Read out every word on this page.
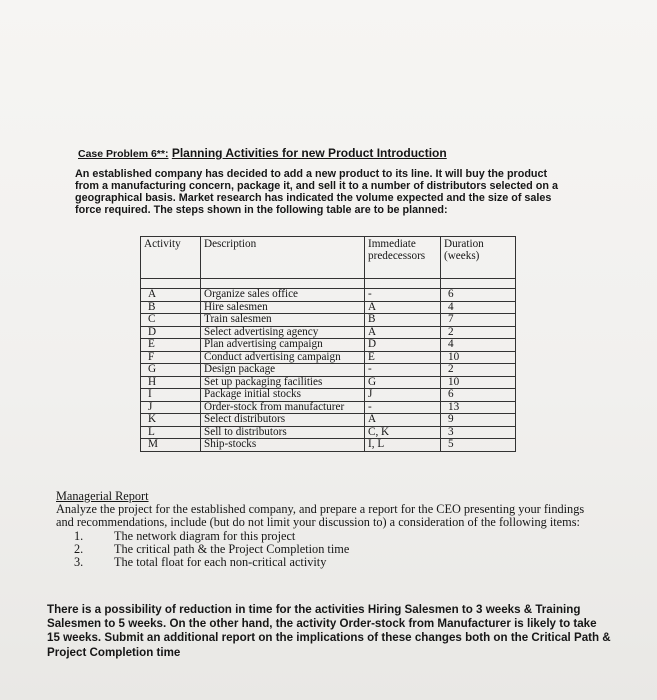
Case Problem 6**: Planning Activities for new Product Introduction
An established company has decided to add a new product to its line. It will buy the product from a manufacturing concern, package it, and sell it to a number of distributors selected on a geographical basis. Market research has indicated the volume expected and the size of sales force required. The steps shown in the following table are to be planned:
Activity	Description	Immediate predecessors	Duration (weeks)

A	Organize sales office	-	6
B	Hire salesmen	A	4
C	Train salesmen	B	7
D	Select advertising agency	A	2
E	Plan advertising campaign	D	4
F	Conduct advertising campaign	E	10
G	Design package	-	2
H	Set up packaging facilities	G	10
I	Package initial stocks	J	6
J	Order-stock from manufacturer	-	13
K	Select distributors	A	9
L	Sell to distributors	C, K	3
M	Ship-stocks	I, L	5
Managerial Report
Analyze the project for the established company, and prepare a report for the CEO presenting your findings and recommendations, include (but do not limit your discussion to) a consideration of the following items:
1.	The network diagram for this project
2.	The critical path & the Project Completion time
3.	The total float for each non-critical activity
There is a possibility of reduction in time for the activities Hiring Salesmen to 3 weeks & Training Salesmen to 5 weeks. On the other hand, the activity Order-stock from Manufacturer is likely to take 15 weeks. Submit an additional report on the implications of these changes both on the Critical Path & Project Completion time
